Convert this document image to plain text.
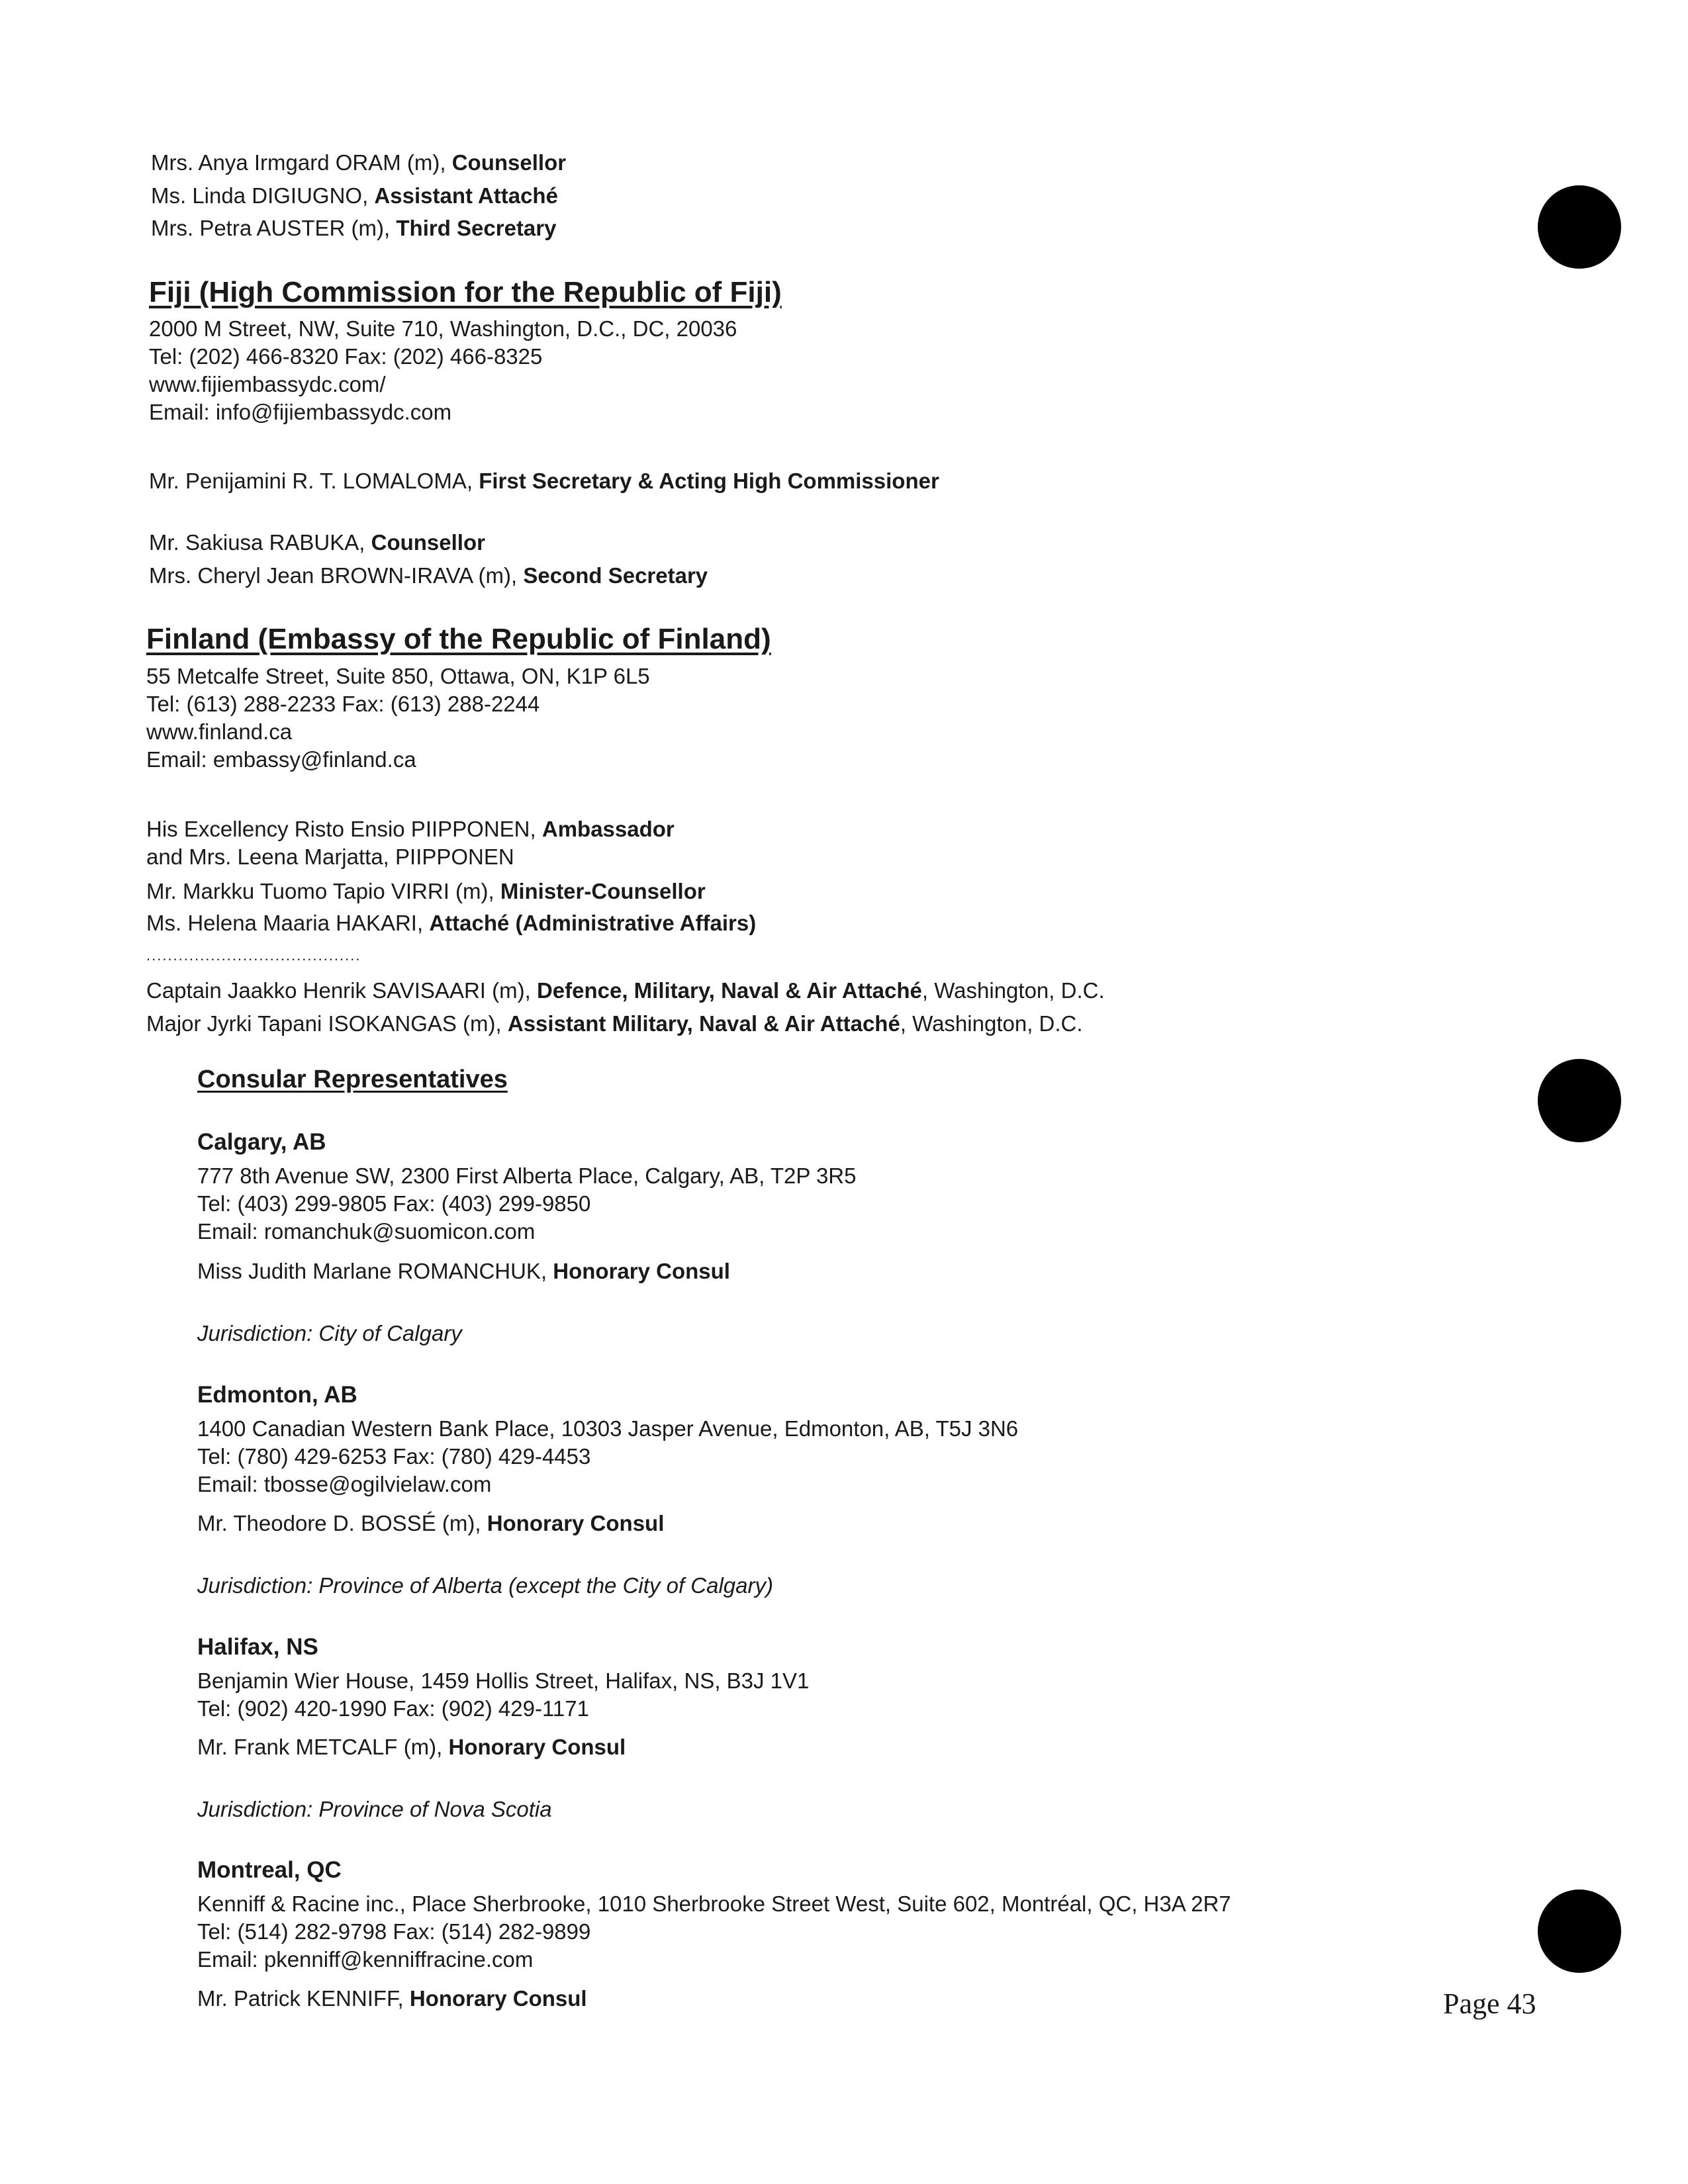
Mrs. Anya Irmgard ORAM (m), Counsellor
Ms. Linda DIGIUGNO, Assistant Attaché
Mrs. Petra AUSTER (m), Third Secretary
Fiji (High Commission for the Republic of Fiji)
2000 M Street, NW, Suite 710, Washington, D.C., DC, 20036
Tel: (202) 466-8320 Fax: (202) 466-8325
www.fijiembassydc.com/
Email: info@fijiembassydc.com
Mr. Penijamini R. T. LOMALOMA, First Secretary & Acting High Commissioner
Mr. Sakiusa RABUKA, Counsellor
Mrs. Cheryl Jean BROWN-IRAVA (m), Second Secretary
Finland (Embassy of the Republic of Finland)
55 Metcalfe Street, Suite 850, Ottawa, ON, K1P 6L5
Tel: (613) 288-2233 Fax: (613) 288-2244
www.finland.ca
Email: embassy@finland.ca
His Excellency Risto Ensio PIIPPONEN, Ambassador
and Mrs. Leena Marjatta, PIIPPONEN
Mr. Markku Tuomo Tapio VIRRI (m), Minister-Counsellor
Ms. Helena Maaria HAKARI, Attaché (Administrative Affairs)
........................................
Captain Jaakko Henrik SAVISAARI (m), Defence, Military, Naval & Air Attaché, Washington, D.C.
Major Jyrki Tapani ISOKANGAS (m), Assistant Military, Naval & Air Attaché, Washington, D.C.
Consular Representatives
Calgary, AB
777 8th Avenue SW, 2300 First Alberta Place, Calgary, AB, T2P 3R5
Tel: (403) 299-9805 Fax: (403) 299-9850
Email: romanchuk@suomicon.com
Miss Judith Marlane ROMANCHUK, Honorary Consul
Jurisdiction: City of Calgary
Edmonton, AB
1400 Canadian Western Bank Place, 10303 Jasper Avenue, Edmonton, AB, T5J 3N6
Tel: (780) 429-6253 Fax: (780) 429-4453
Email: tbosse@ogilvielaw.com
Mr. Theodore D. BOSSÉ (m), Honorary Consul
Jurisdiction: Province of Alberta (except the City of Calgary)
Halifax, NS
Benjamin Wier House, 1459 Hollis Street, Halifax, NS, B3J 1V1
Tel: (902) 420-1990 Fax: (902) 429-1171
Mr. Frank METCALF (m), Honorary Consul
Jurisdiction: Province of Nova Scotia
Montreal, QC
Kenniff & Racine inc., Place Sherbrooke, 1010 Sherbrooke Street West, Suite 602, Montréal, QC, H3A 2R7
Tel: (514) 282-9798 Fax: (514) 282-9899
Email: pkenniff@kenniffracine.com
Mr. Patrick KENNIFF, Honorary Consul	Page 43
